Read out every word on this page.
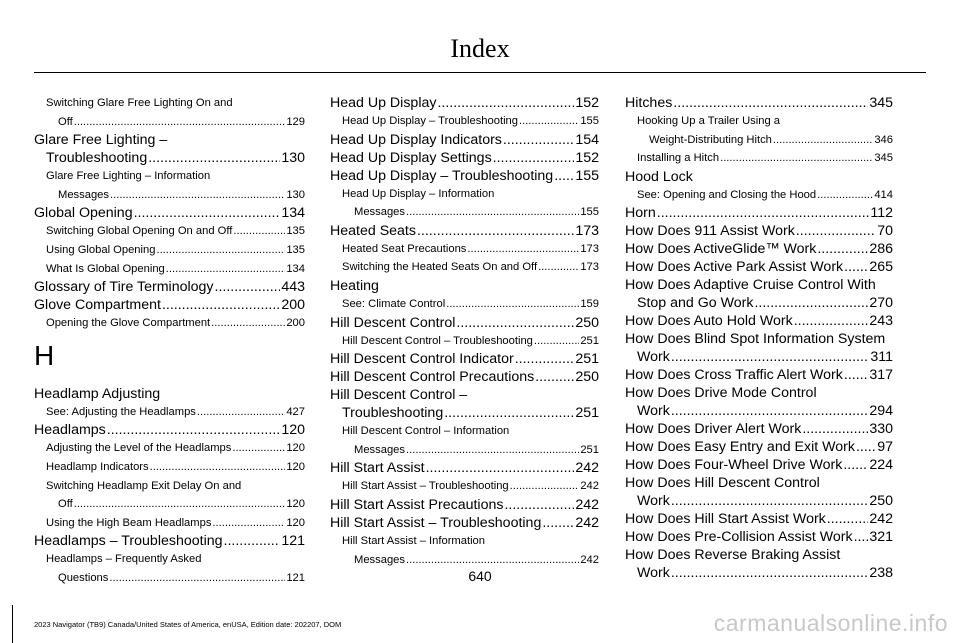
Index
Switching Glare Free Lighting On and
Off .....	129
Glare Free Lighting –
Troubleshooting .....	130
Glare Free Lighting – Information
Messages .....	130
Global Opening .....	134
Switching Global Opening On and Off .....	135
Using Global Opening .....	135
What Is Global Opening .....	134
Glossary of Tire Terminology .....	443
Glove Compartment .....	200
Opening the Glove Compartment .....	200
H
Headlamp Adjusting
See: Adjusting the Headlamps .....	427
Headlamps .....	120
Adjusting the Level of the Headlamps .....	120
Headlamp Indicators .....	120
Switching Headlamp Exit Delay On and
Off .....	120
Using the High Beam Headlamps .....	120
Headlamps – Troubleshooting .....	121
Headlamps – Frequently Asked
Questions .....	121
Head Up Display .....	152
Head Up Display – Troubleshooting .....	155
Head Up Display Indicators .....	154
Head Up Display Settings .....	152
Head Up Display – Troubleshooting ..... 155
Head Up Display – Information
Messages .....	155
Heated Seats .....	173
Heated Seat Precautions .....	173
Switching the Heated Seats On and Off .....	173
Heating
See: Climate Control .....	159
Hill Descent Control .....	250
Hill Descent Control – Troubleshooting .....	251
Hill Descent Control Indicator .....	251
Hill Descent Control Precautions .....	250
Hill Descent Control –
Troubleshooting .....	251
Hill Descent Control – Information
Messages .....	251
Hill Start Assist .....	242
Hill Start Assist – Troubleshooting .....	242
Hill Start Assist Precautions .....	242
Hill Start Assist – Troubleshooting ..... 242
Hill Start Assist – Information
Messages .....	242
Hitches .....	345
Hooking Up a Trailer Using a
Weight-Distributing Hitch .....	346
Installing a Hitch .....	345
Hood Lock
See: Opening and Closing the Hood .....	414
Horn .....	112
How Does 911 Assist Work .....	70
How Does ActiveGlide™ Work .....	286
How Does Active Park Assist Work ..... 265
How Does Adaptive Cruise Control With
Stop and Go Work .....	270
How Does Auto Hold Work .....	243
How Does Blind Spot Information System
Work .....	311
How Does Cross Traffic Alert Work ..... 317
How Does Drive Mode Control
Work .....	294
How Does Driver Alert Work .....	330
How Does Easy Entry and Exit Work ..... 97
How Does Four-Wheel Drive Work ..... 224
How Does Hill Descent Control
Work .....	250
How Does Hill Start Assist Work .....	242
How Does Pre-Collision Assist Work ..... 321
How Does Reverse Braking Assist
Work .....	238
640
2023 Navigator (TB9) Canada/United States of America, enUSA, Edition date: 202207, DOM	carmanualsonline.info
